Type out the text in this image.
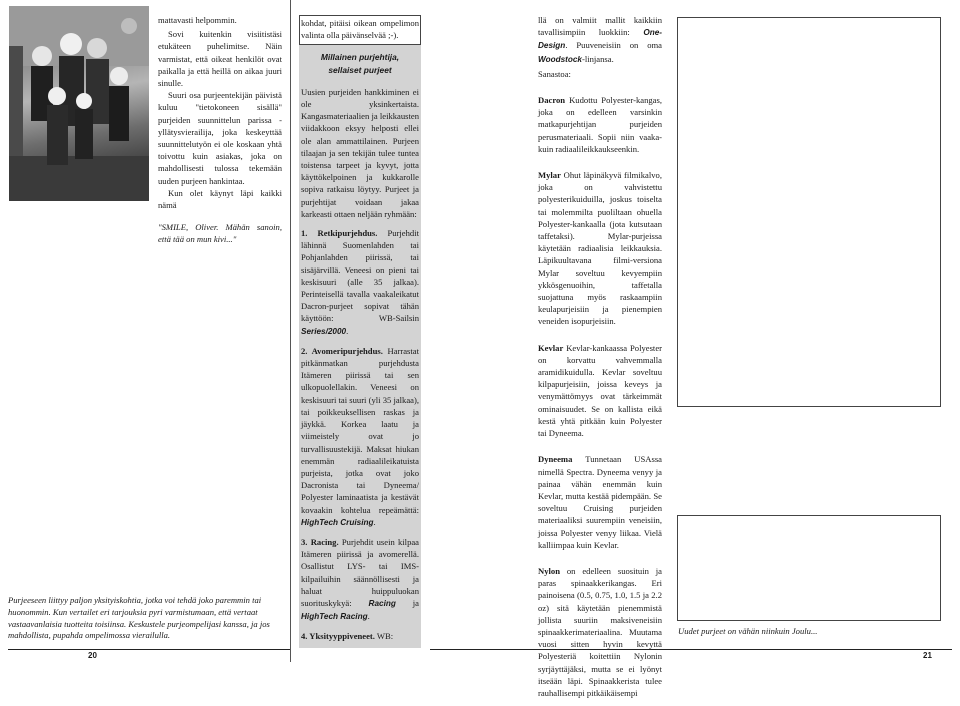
mattavasti helpommin.

Sovi kuitenkin visiitistäsi etukäteen puhelimitse. Näin varmistat, että oikeat henkilöt ovat paikalla ja että heillä on aikaa juuri sinulle.

Suuri osa purjeentekijän päivistä kuluu "tietokoneen sisällä" purjeiden suunnittelun parissa - yllätysvierailija, joka keskeyttää suunnittelutyön ei ole koskaan yhtä toivottu kuin asiakas, joka on mahdollisesti tulossa tekemään uuden purjeen hankintaa.

Kun olet käynyt läpi kaikki nämä

"SMILE, Oliver. Mähän sanoin, että tää on mun kivi..."

Purjeeseen liittyy paljon yksityiskohtia, jotka voi tehdä joko paremmin tai huonommin. Kun vertailet eri tarjouksia pyri varmistumaan, että vertaat vastaavanlaisia tuotteita toisiinsa. Keskustele purjeompelijasi kanssa, ja jos mahdollista, pupahda ompelimossa vierailulla.
20

kohdat, pitäisi oikean ompelimon valinta olla päivänselvää ;-).

Millainen purjehtija,
sellaiset purjeet

Uusien purjeiden hankkiminen ei ole yksinkertaista. Kangasmateriaalien ja leikkausten viidakkoon eksyy helposti ellei ole alan ammattilainen. Purjeen tilaajan ja sen tekijän tulee tuntea toistensa tarpeet ja kyvyt, jotta käyttökelpoinen ja kukkarolle sopiva ratkaisu löytyy. Purjeet ja purjehtijat voidaan jakaa karkeasti ottaen neljään ryhmään:

1. Retkipurjehdus. Purjehdit lähinnä Suomenlahden tai Pohjanlahden piirissä, tai sisäjärvillä. Veneesi on pieni tai keskisuuri (alle 35 jalkaa). Perinteisellä tavalla vaakaleikatut Dacron-purjeet sopivat tähän käyttöön: WB-Sailsin Series/2000.

2. Avomeripurjehdus. Harrastat pitkänmatkan purjehdusta Itämeren piirissä tai sen ulkopuolellakin. Veneesi on keskisuuri tai suuri (yli 35 jalkaa), tai poikkeuksellisen raskas ja jäykkä. Korkea laatu ja viimeistely ovat jo turvallisuustekijä. Maksat hiukan enemmän radiaalileikatuista purjeista, jotka ovat joko Dacronista tai Dyneema/ Polyester laminaatista ja kestävät kovaakin kohtelua repeämättä: HighTech Cruising.

3. Racing. Purjehdit usein kilpaa Itämeren piirissä ja avomerellä. Osallistut LYS- tai IMS-kilpailuihin säännöllisesti ja haluat huippuluokan suorituskykyä: Racing ja HighTech Racing.

4. Yksityyppiveneet. WB:

llä on valmiit mallit kaikkiin tavallisimpiin luokkiin: One-Design. Puuveneisiin on oma Woodstock-linjansa.

Sanastoa:

Dacron Kudottu Polyester-kangas, joka on edelleen varsinkin matkapurjehtijan purjeiden perusmateriaali. Sopii niin vaaka- kuin radiaalileikkaukseenkin.

Mylar Ohut läpinäkyvä filmikalvo, joka on vahvistettu polyesterikuiduilla, joskus toiselta tai molemmilta puoliltaan ohuella Polyester-kankaalla (jota kutsutaan taffetaksi). Mylar-purjeissa käytetään radiaalisia leikkauksia. Läpikuultavana filmi-versiona Mylar soveltuu kevyempiin ykkösgenuoihin, taffetalla suojattuna myös raskaampiin keulapurjeisiin ja pienempien veneiden isopurjeisiin.

Kevlar Kevlar-kankaassa Polyester on korvattu vahvemmalla aramidikuidulla. Kevlar soveltuu kilpapurjeisiin, joissa keveys ja venymättömyys ovat tärkeimmät ominaisuudet. Se on kallista eikä kestä yhtä pitkään kuin Polyester tai Dyneema.

Dyneema Tunnetaan USAssa nimellä Spectra. Dyneema venyy ja painaa vähän enemmän kuin Kevlar, mutta kestää pidempään. Se soveltuu Cruising purjeiden materiaaliksi suurempiin veneisiin, joissa Polyester venyy liikaa. Vielä kalliimpaa kuin Kevlar.

Nylon on edelleen suosituin ja paras spinaakkerikangas. Eri painoisena (0.5, 0.75, 1.0, 1.5 ja 2.2 oz) sitä käytetään pienemmistä jollista suuriin maksiveneisiin spinaakkerimateriaalina. Muutama vuosi sitten hyvin kevyttä Polyesteriä koitettiin Nylonin syrjäyttäjäksi, mutta se ei lyönyt itseään läpi. Spinaakkerista tulee rauhallisempi pitkäikäisempi

Uudet purjeet on vähän niinkuin Joulu...
21
